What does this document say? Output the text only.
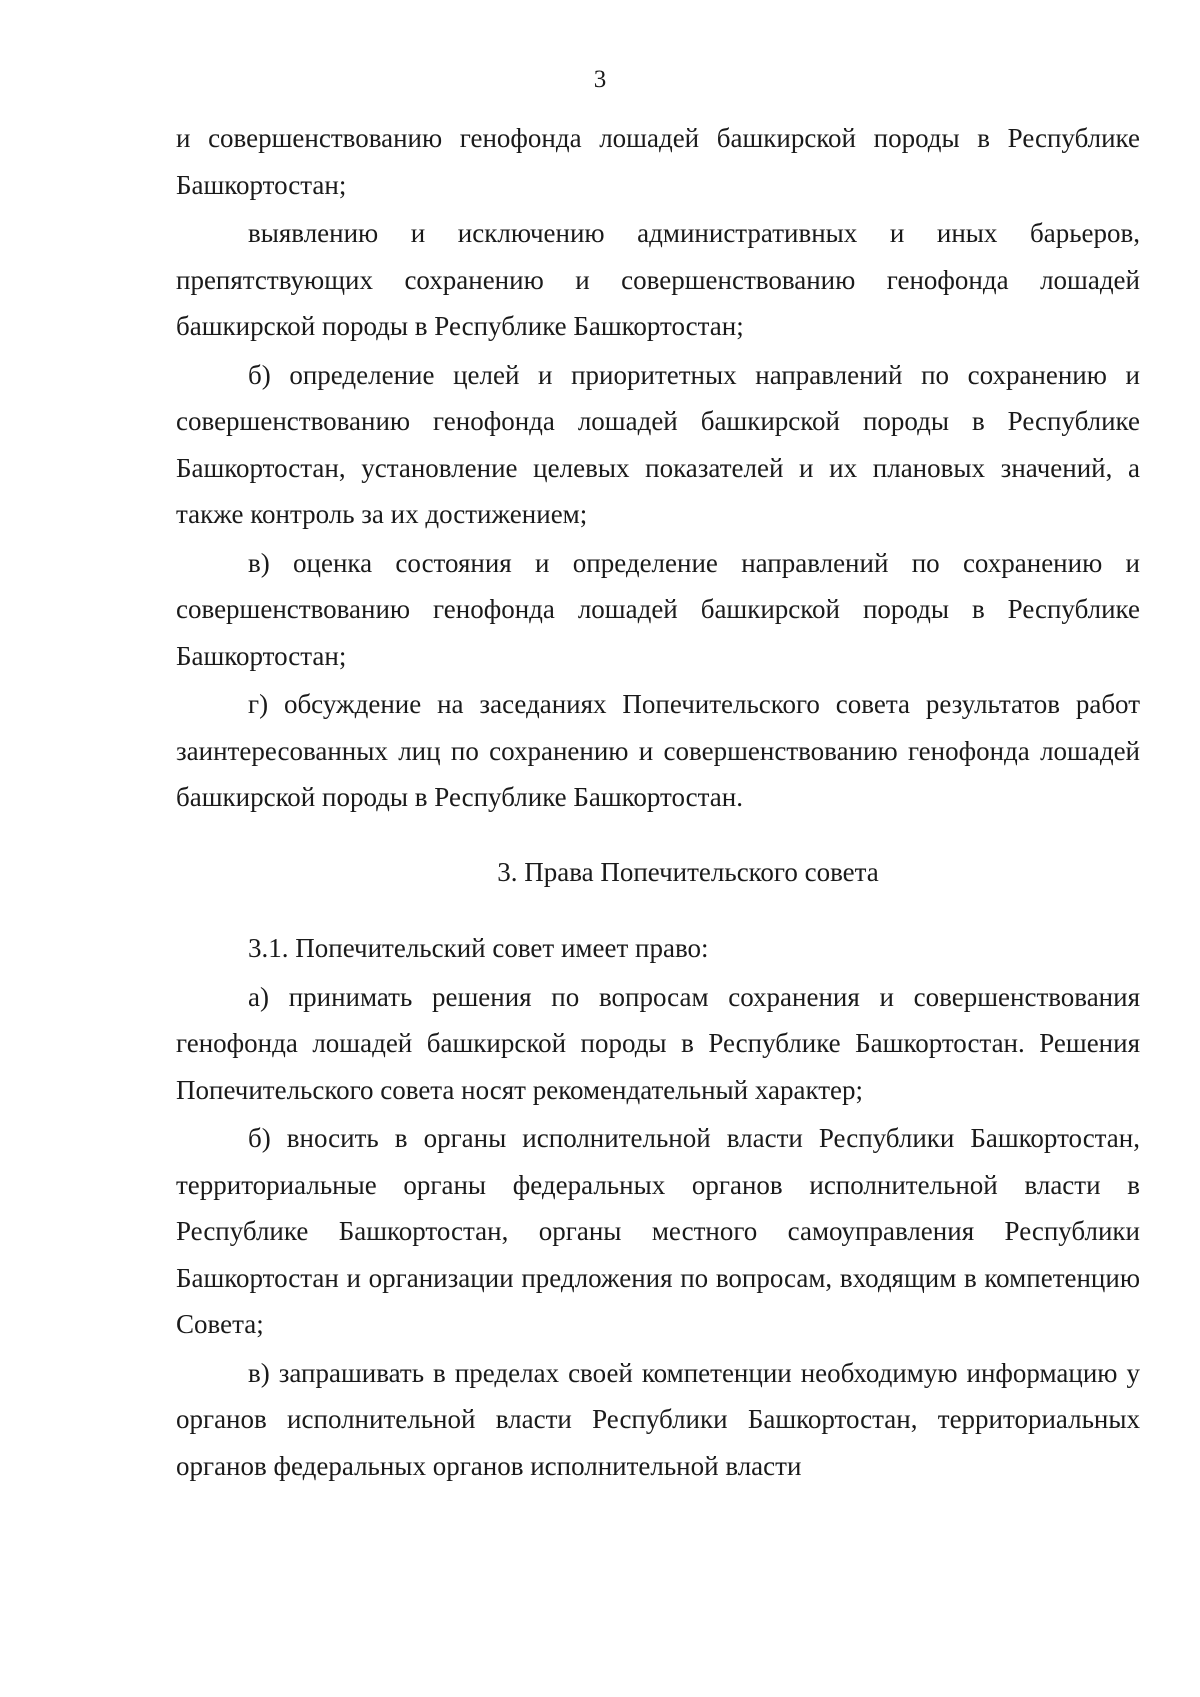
3

и совершенствованию генофонда лошадей башкирской породы в Республике Башкортостан;

выявлению и исключению административных и иных барьеров, препятствующих сохранению и совершенствованию генофонда лошадей башкирской породы в Республике Башкортостан;

б) определение целей и приоритетных направлений по сохранению и совершенствованию генофонда лошадей башкирской породы в Республике Башкортостан, установление целевых показателей и их плановых значений, а также контроль за их достижением;

в) оценка состояния и определение направлений по сохранению и совершенствованию генофонда лошадей башкирской породы в Республике Башкортостан;

г) обсуждение на заседаниях Попечительского совета результатов работ заинтересованных лиц по сохранению и совершенствованию генофонда лошадей башкирской породы в Республике Башкортостан.

3. Права Попечительского совета

3.1. Попечительский совет имеет право:

а) принимать решения по вопросам сохранения и совершенствования генофонда лошадей башкирской породы в Республике Башкортостан. Решения Попечительского совета носят рекомендательный характер;

б) вносить в органы исполнительной власти Республики Башкортостан, территориальные органы федеральных органов исполнительной власти в Республике Башкортостан, органы местного самоуправления Республики Башкортостан и организации предложения по вопросам, входящим в компетенцию Совета;

в) запрашивать в пределах своей компетенции необходимую информацию у органов исполнительной власти Республики Башкортостан, территориальных органов федеральных органов исполнительной власти
